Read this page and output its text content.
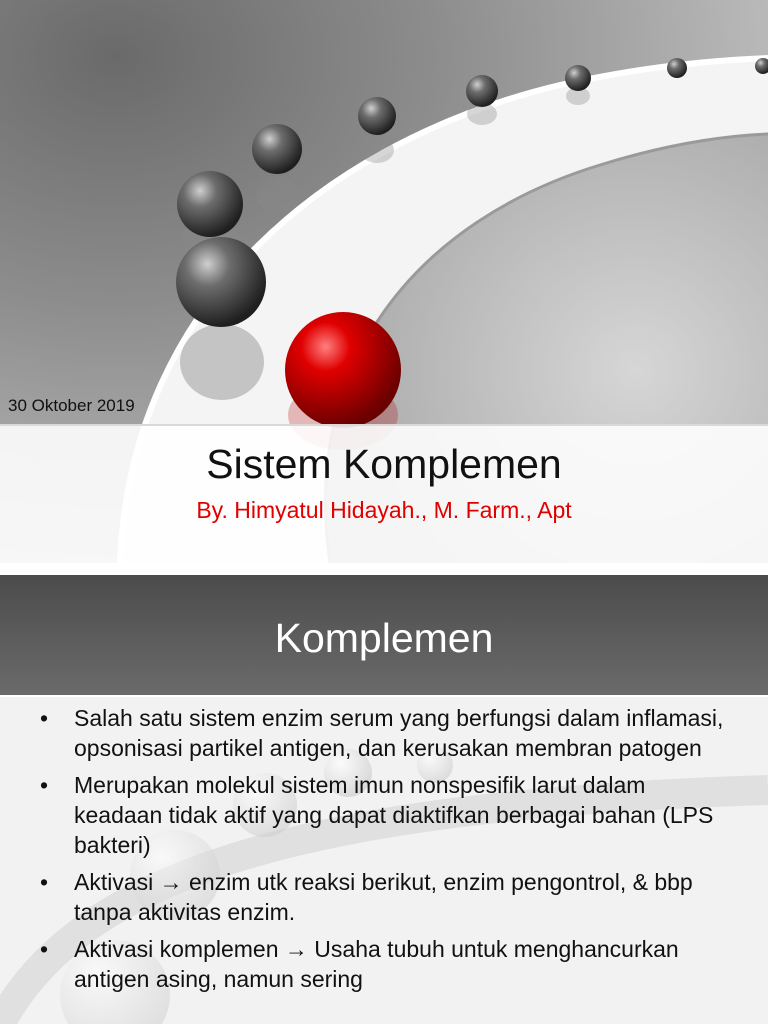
30 Oktober 2019
Sistem Komplemen
By. Himyatul Hidayah., M. Farm., Apt
Komplemen
• Salah satu sistem enzim serum yang berfungsi dalam inflamasi, opsonisasi partikel antigen, dan kerusakan membran patogen
• Merupakan molekul sistem imun nonspesifik larut dalam keadaan tidak aktif yang dapat diaktifkan berbagai bahan (LPS bakteri)
• Aktivasi → enzim utk reaksi berikut, enzim pengontrol, & bbp tanpa aktivitas enzim.
• Aktivasi komplemen → Usaha tubuh untuk menghancurkan antigen asing, namun sering
